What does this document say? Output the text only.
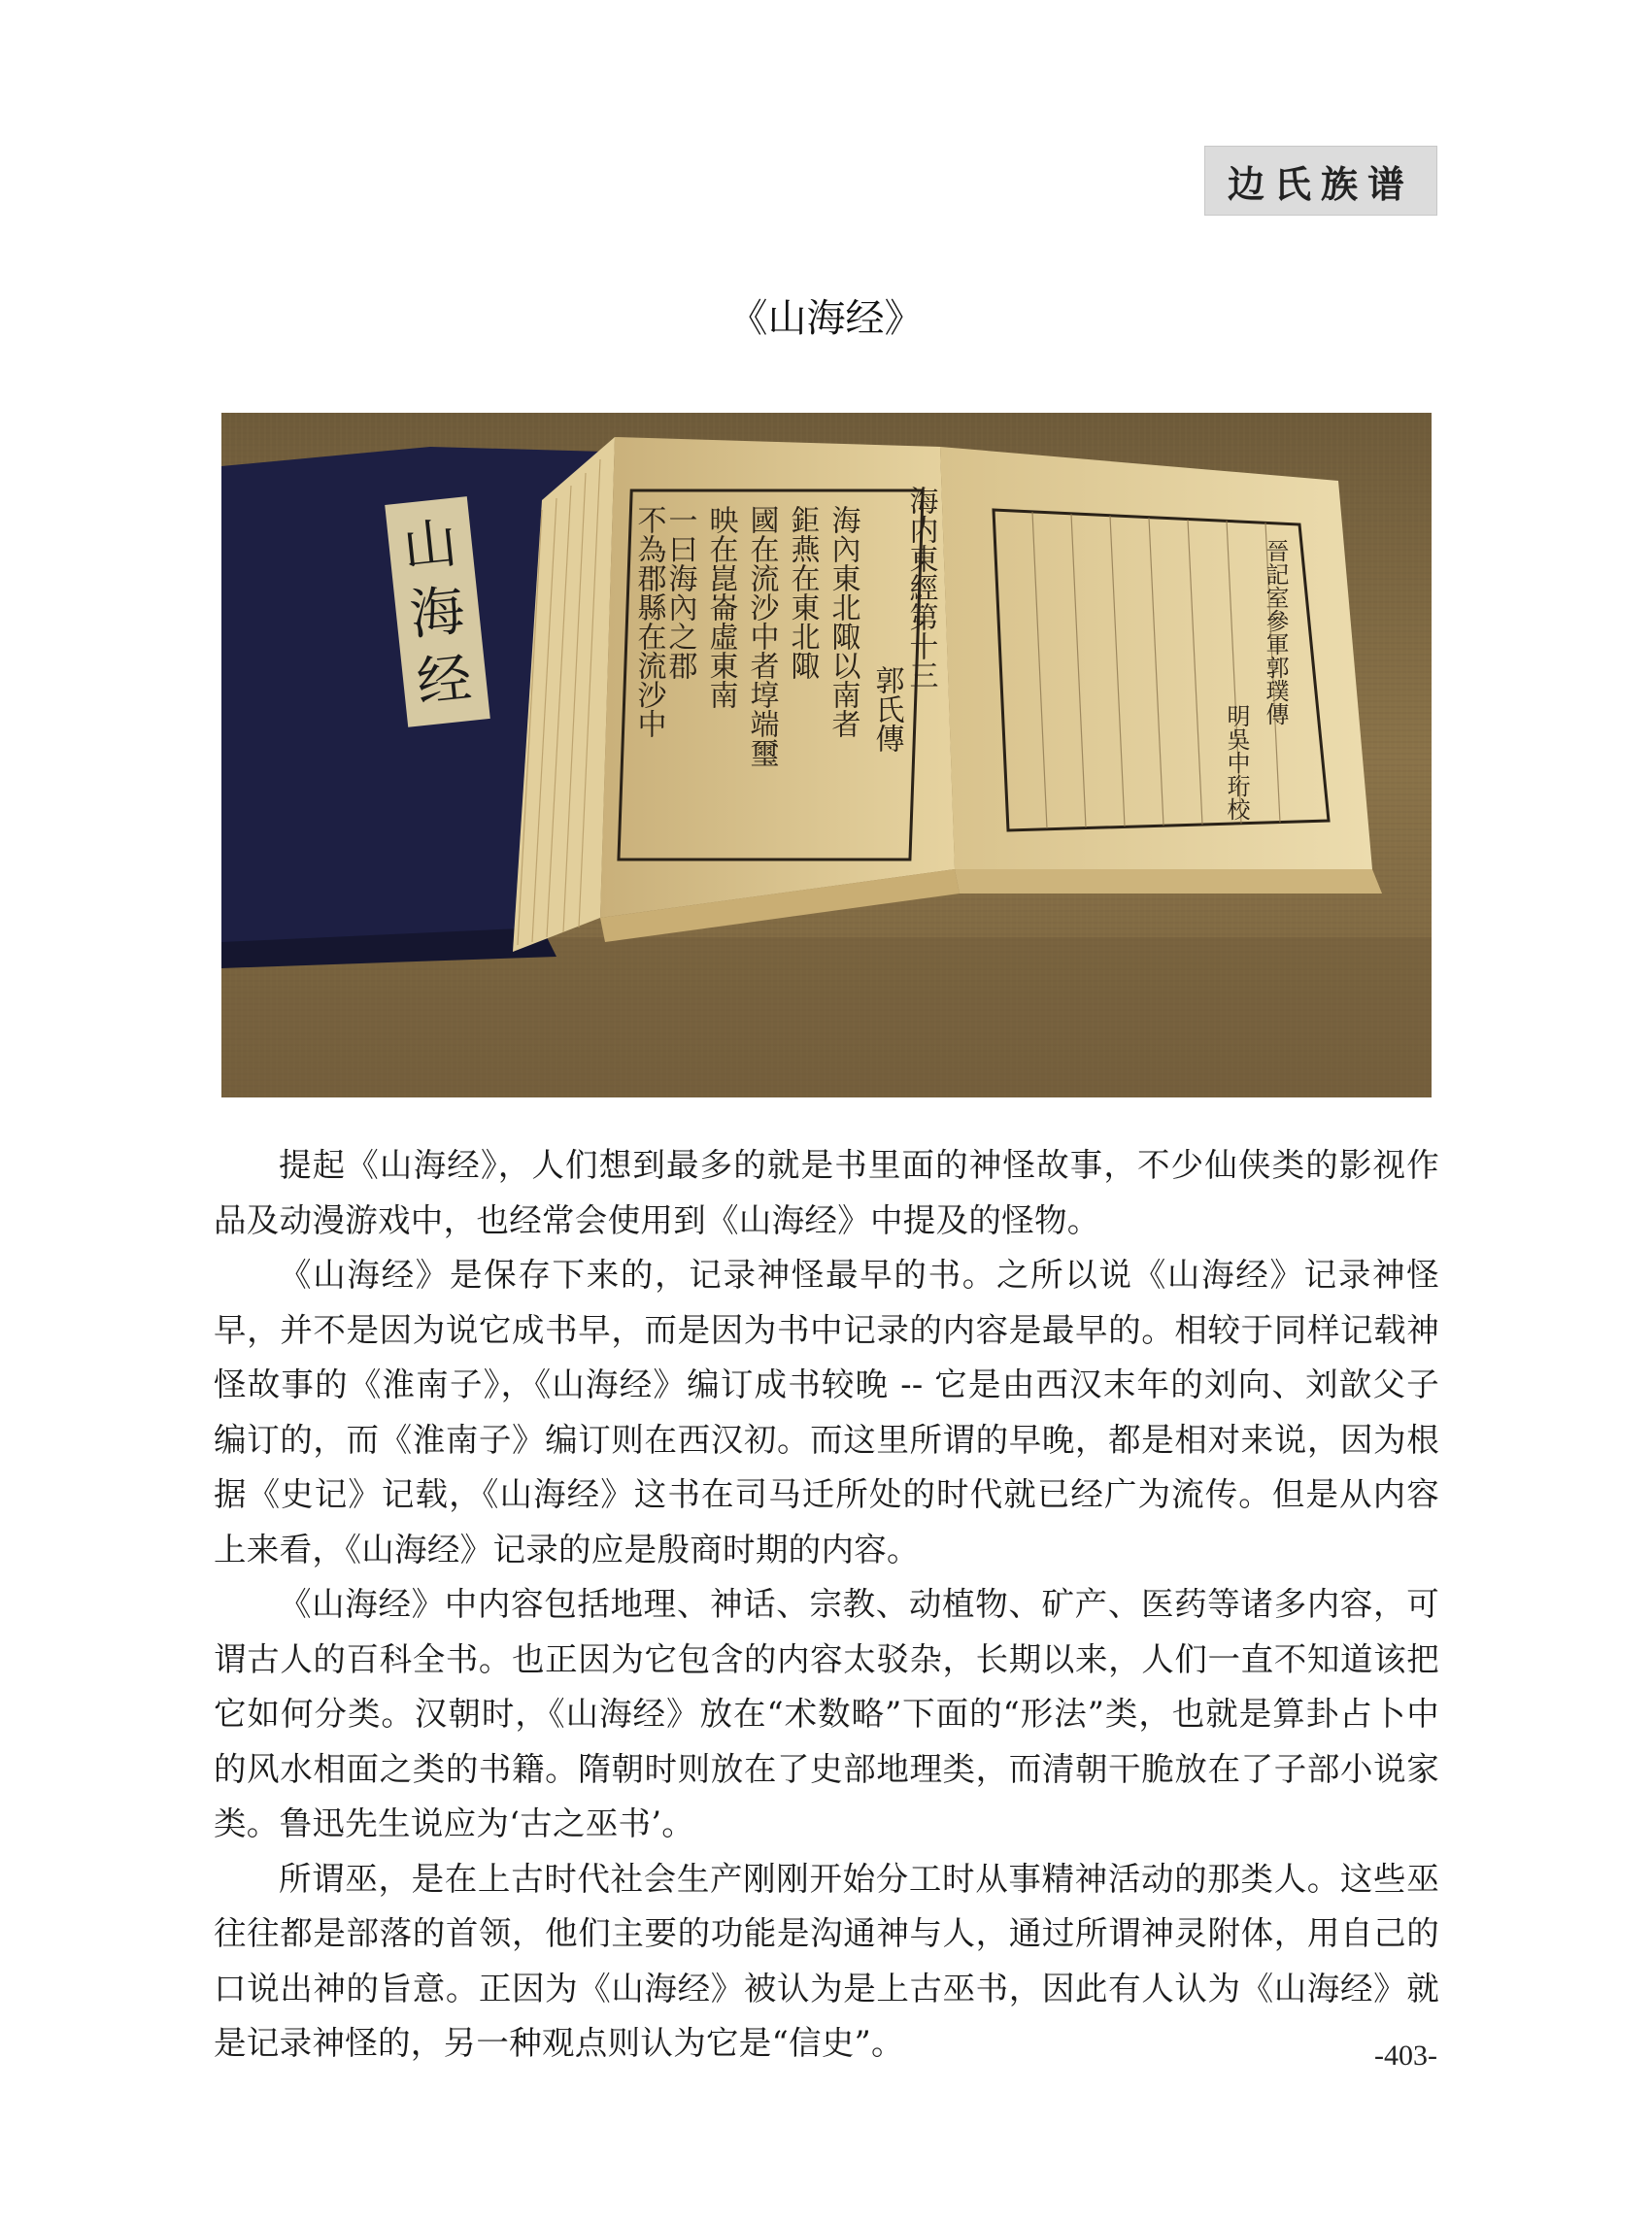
边氏族谱
《山海经》
山
海
经	海内東經第十三
郭氏傳
海內東北陬以南者
鉅燕在東北陬
國在流沙中者埻端璽
映在崑崙虛東南
一曰海內之郡
不為郡縣在流沙中	晉記室參軍郭璞傳
明吳中珩校

提起《山海经》，人们想到最多的就是书里面的神怪故事，不少仙侠类的影视作品及动漫游戏中，也经常会使用到《山海经》中提及的怪物。

《山海经》是保存下来的，记录神怪最早的书。之所以说《山海经》记录神怪早，并不是因为说它成书早，而是因为书中记录的内容是最早的。相较于同样记载神怪故事的《淮南子》，《山海经》编订成书较晚 -- 它是由西汉末年的刘向、刘歆父子编订的，而《淮南子》编订则在西汉初。而这里所谓的早晚，都是相对来说，因为根据《史记》记载，《山海经》这书在司马迁所处的时代就已经广为流传。但是从内容上来看，《山海经》记录的应是殷商时期的内容。

《山海经》中内容包括地理、神话、宗教、动植物、矿产、医药等诸多内容，可谓古人的百科全书。也正因为它包含的内容太驳杂，长期以来，人们一直不知道该把它如何分类。汉朝时，《山海经》放在“术数略”下面的“形法”类，也就是算卦占卜中的风水相面之类的书籍。隋朝时则放在了史部地理类，而清朝干脆放在了子部小说家类。鲁迅先生说应为‘古之巫书’。

所谓巫，是在上古时代社会生产刚刚开始分工时从事精神活动的那类人。这些巫往往都是部落的首领，他们主要的功能是沟通神与人，通过所谓神灵附体，用自己的口说出神的旨意。正因为《山海经》被认为是上古巫书，因此有人认为《山海经》就是记录神怪的，另一种观点则认为它是“信史”。	-403-
